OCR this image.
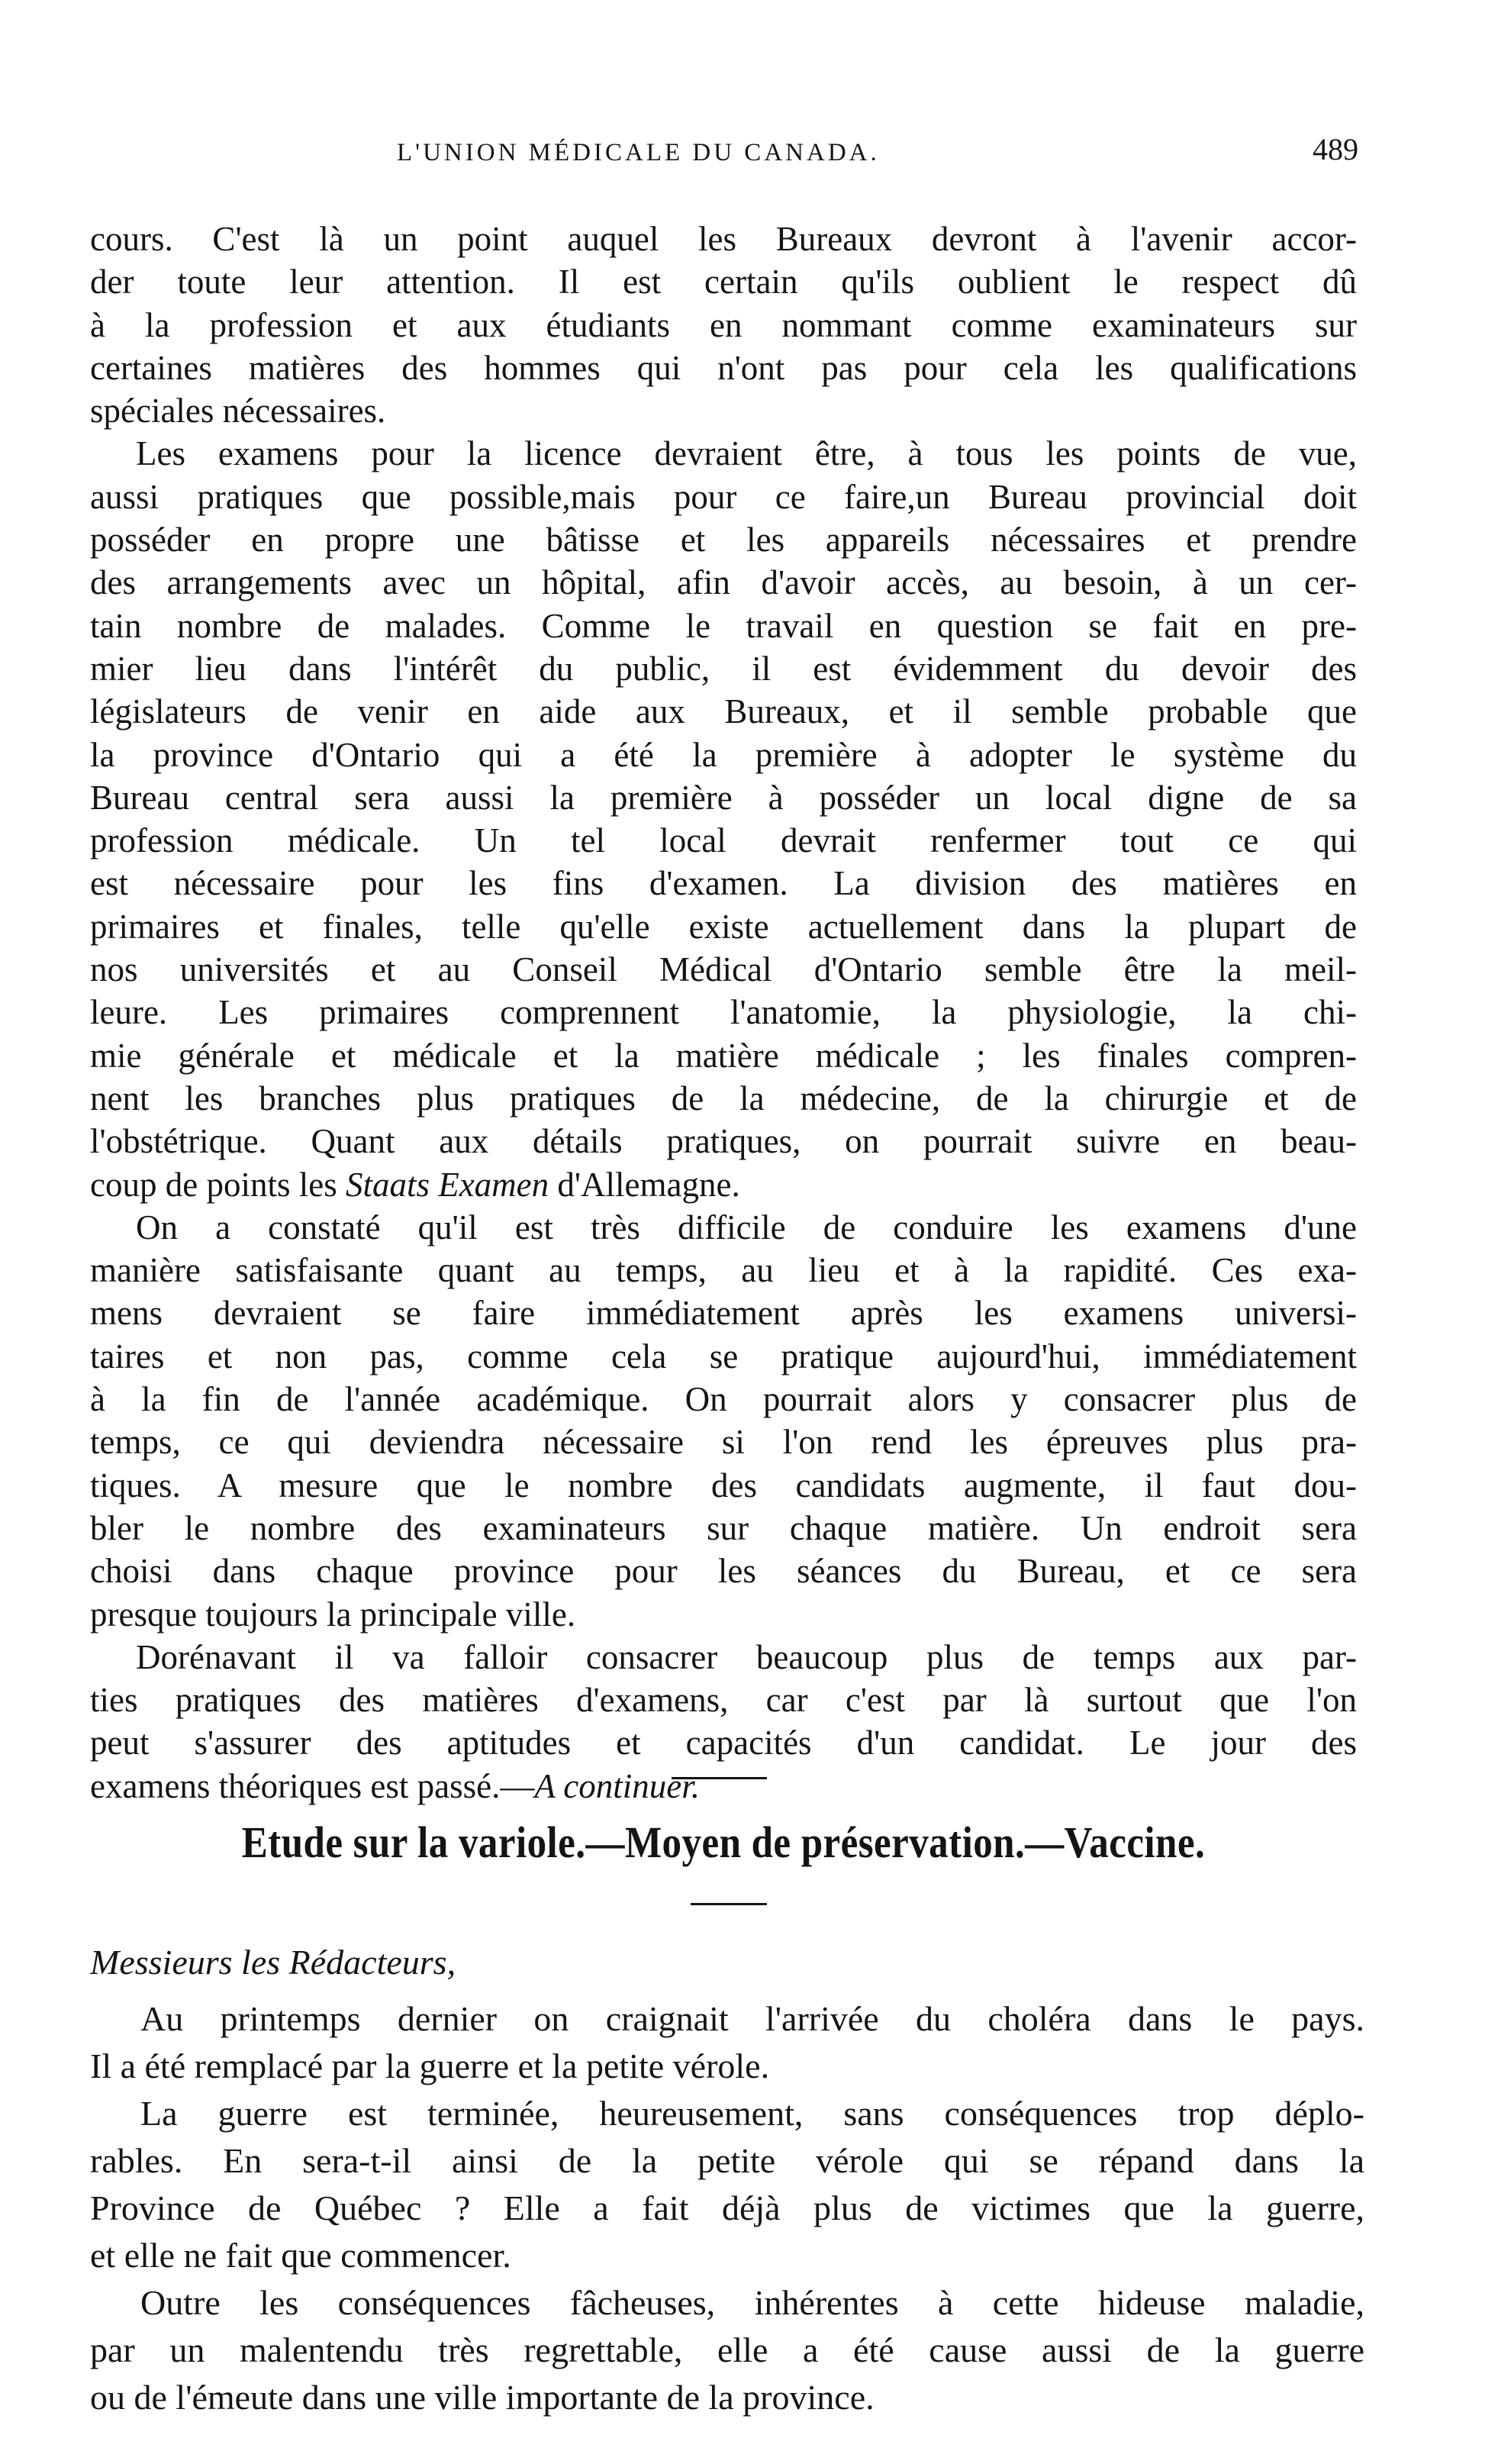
L'UNION MÉDICALE DU CANADA.	489
cours. C'est là un point auquel les Bureaux devront à l'avenir accor-
der toute leur attention. Il est certain qu'ils oublient le respect dû
à la profession et aux étudiants en nommant comme examinateurs sur
certaines matières des hommes qui n'ont pas pour cela les qualifications
spéciales nécessaires.
Les examens pour la licence devraient être, à tous les points de vue,
aussi pratiques que possible,mais pour ce faire,un Bureau provincial doit
posséder en propre une bâtisse et les appareils nécessaires et prendre
des arrangements avec un hôpital, afin d'avoir accès, au besoin, à un cer-
tain nombre de malades. Comme le travail en question se fait en pre-
mier lieu dans l'intérêt du public, il est évidemment du devoir des
législateurs de venir en aide aux Bureaux, et il semble probable que
la province d'Ontario qui a été la première à adopter le système du
Bureau central sera aussi la première à posséder un local digne de sa
profession médicale. Un tel local devrait renfermer tout ce qui
est nécessaire pour les fins d'examen. La division des matières en
primaires et finales, telle qu'elle existe actuellement dans la plupart de
nos universités et au Conseil Médical d'Ontario semble être la meil-
leure. Les primaires comprennent l'anatomie, la physiologie, la chi-
mie générale et médicale et la matière médicale ; les finales compren-
nent les branches plus pratiques de la médecine, de la chirurgie et de
l'obstétrique. Quant aux détails pratiques, on pourrait suivre en beau-
coup de points les Staats Examen d'Allemagne.
On a constaté qu'il est très difficile de conduire les examens d'une
manière satisfaisante quant au temps, au lieu et à la rapidité. Ces exa-
mens devraient se faire immédiatement après les examens universi-
taires et non pas, comme cela se pratique aujourd'hui, immédiatement
à la fin de l'année académique. On pourrait alors y consacrer plus de
temps, ce qui deviendra nécessaire si l'on rend les épreuves plus pra-
tiques. A mesure que le nombre des candidats augmente, il faut dou-
bler le nombre des examinateurs sur chaque matière. Un endroit sera
choisi dans chaque province pour les séances du Bureau, et ce sera
presque toujours la principale ville.
Dorénavant il va falloir consacrer beaucoup plus de temps aux par-
ties pratiques des matières d'examens, car c'est par là surtout que l'on
peut s'assurer des aptitudes et capacités d'un candidat. Le jour des
examens théoriques est passé.—A continuer.
Etude sur la variole.—Moyen de préservation.—Vaccine.
Messieurs les Rédacteurs,
Au printemps dernier on craignait l'arrivée du choléra dans le pays.
Il a été remplacé par la guerre et la petite vérole.
La guerre est terminée, heureusement, sans conséquences trop déplo-
rables. En sera-t-il ainsi de la petite vérole qui se répand dans la
Province de Québec ? Elle a fait déjà plus de victimes que la guerre,
et elle ne fait que commencer.
Outre les conséquences fâcheuses, inhérentes à cette hideuse maladie,
par un malentendu très regrettable, elle a été cause aussi de la guerre
ou de l'émeute dans une ville importante de la province.
